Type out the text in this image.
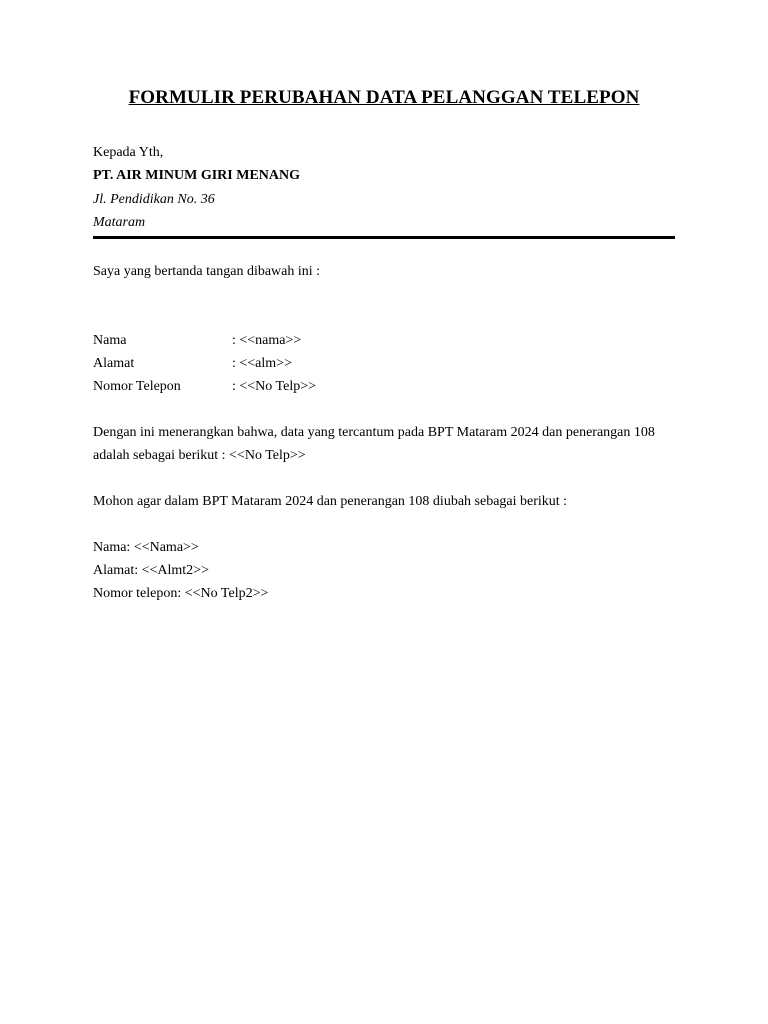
FORMULIR PERUBAHAN DATA PELANGGAN TELEPON
Kepada Yth,
PT. AIR MINUM GIRI MENANG
Jl. Pendidikan No. 36
Mataram
Saya yang bertanda tangan dibawah ini :
Nama	: <<nama>>
Alamat	: <<alm>>
Nomor Telepon	: <<No Telp>>
Dengan ini menerangkan bahwa, data yang tercantum pada BPT Mataram 2024 dan penerangan 108 adalah sebagai berikut : <<No Telp>>
Mohon agar dalam BPT Mataram 2024 dan penerangan 108 diubah sebagai berikut :
Nama: <<Nama>>
Alamat: <<Almt2>>
Nomor telepon: <<No Telp2>>
